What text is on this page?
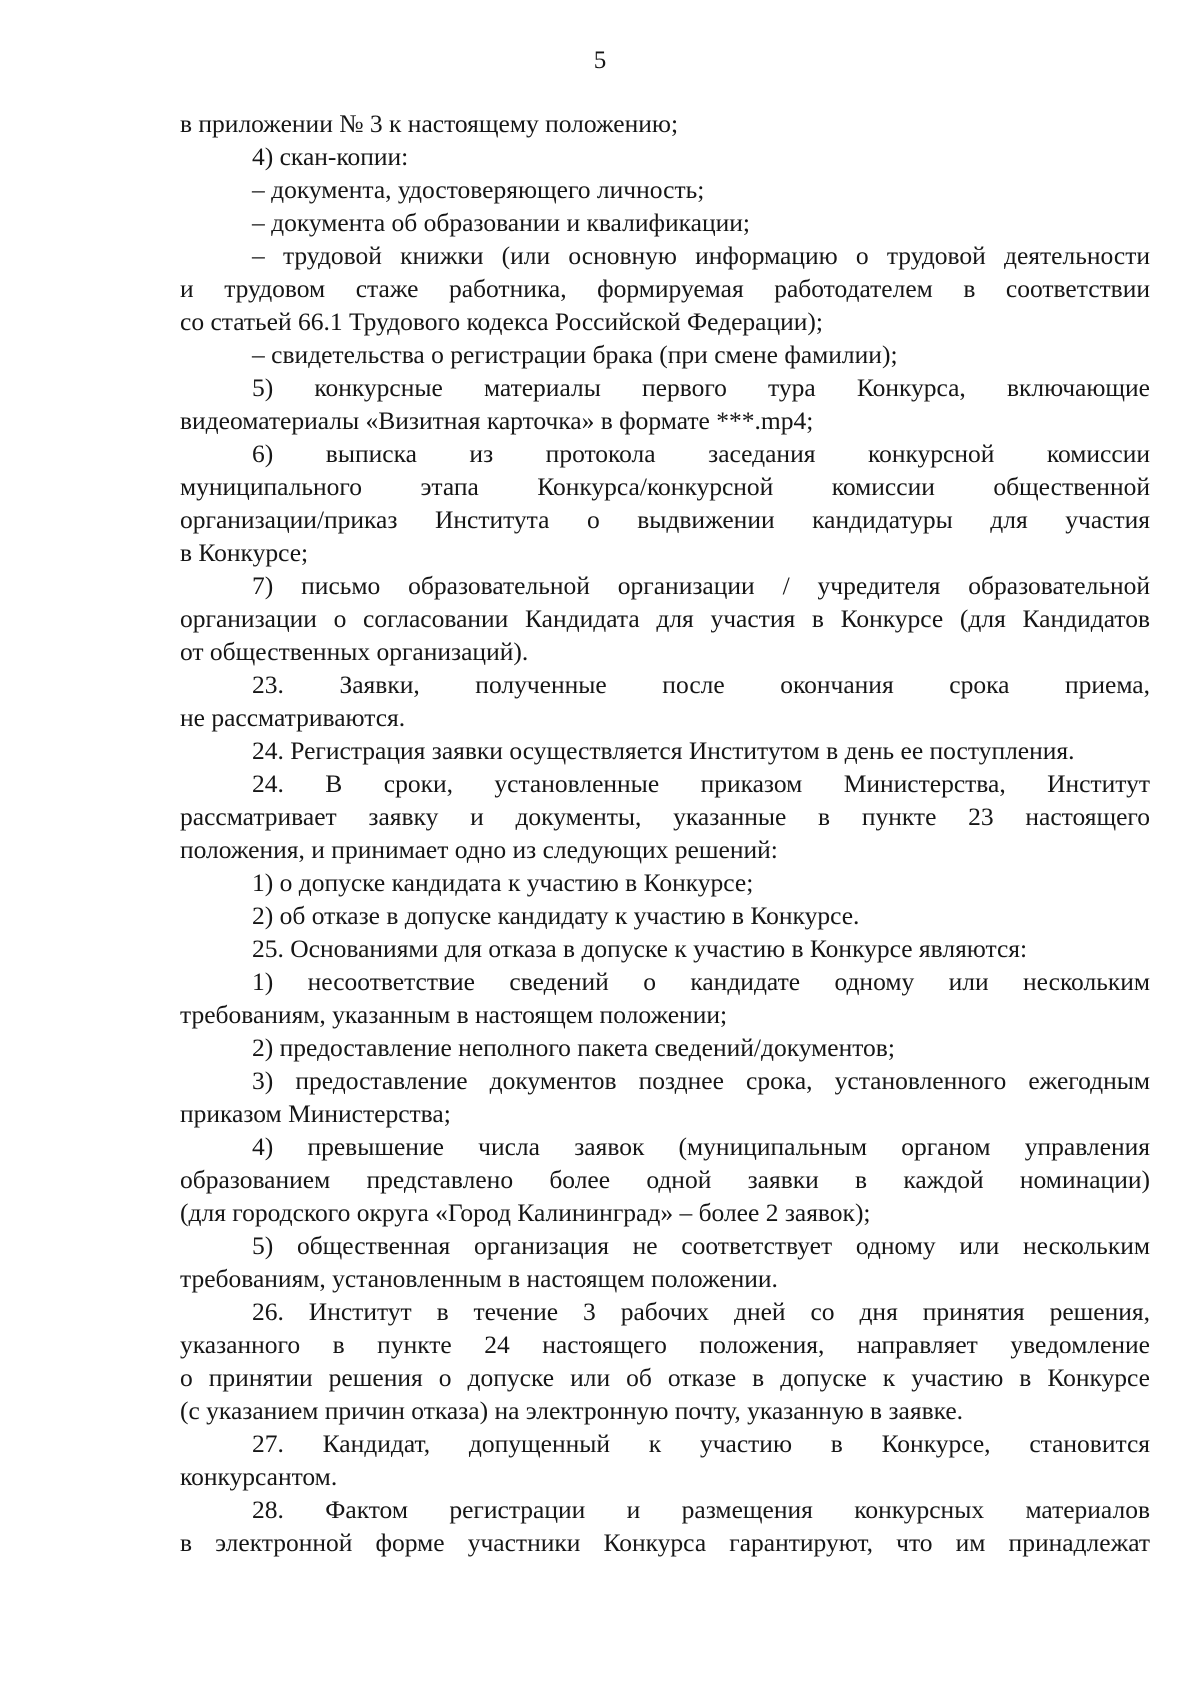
5
в приложении № 3 к настоящему положению;
4) скан-копии:
– документа, удостоверяющего личность;
– документа об образовании и квалификации;
– трудовой книжки (или основную информацию о трудовой деятельности
и трудовом стаже работника, формируемая работодателем в соответствии
со статьей 66.1 Трудового кодекса Российской Федерации);
– свидетельства о регистрации брака (при смене фамилии);
5) конкурсные материалы первого тура Конкурса, включающие
видеоматериалы «Визитная карточка» в формате ***.mp4;
6) выписка из протокола заседания конкурсной комиссии
муниципального этапа Конкурса/конкурсной комиссии общественной
организации/приказ Института о выдвижении кандидатуры для участия
в Конкурсе;
7) письмо образовательной организации / учредителя образовательной
организации о согласовании Кандидата для участия в Конкурсе (для Кандидатов
от общественных организаций).
23. Заявки, полученные после окончания срока приема,
не рассматриваются.
24. Регистрация заявки осуществляется Институтом в день ее поступления.
24. В сроки, установленные приказом Министерства, Институт
рассматривает заявку и документы, указанные в пункте 23 настоящего
положения, и принимает одно из следующих решений:
1) о допуске кандидата к участию в Конкурсе;
2) об отказе в допуске кандидату к участию в Конкурсе.
25. Основаниями для отказа в допуске к участию в Конкурсе являются:
1) несоответствие сведений о кандидате одному или нескольким
требованиям, указанным в настоящем положении;
2) предоставление неполного пакета сведений/документов;
3) предоставление документов позднее срока, установленного ежегодным
приказом Министерства;
4) превышение числа заявок (муниципальным органом управления
образованием представлено более одной заявки в каждой номинации)
(для городского округа «Город Калининград» – более 2 заявок);
5) общественная организация не соответствует одному или нескольким
требованиям, установленным в настоящем положении.
26. Институт в течение 3 рабочих дней со дня принятия решения,
указанного в пункте 24 настоящего положения, направляет уведомление
о принятии решения о допуске или об отказе в допуске к участию в Конкурсе
(с указанием причин отказа) на электронную почту, указанную в заявке.
27. Кандидат, допущенный к участию в Конкурсе, становится
конкурсантом.
28. Фактом регистрации и размещения конкурсных материалов
в электронной форме участники Конкурса гарантируют, что им принадлежат
